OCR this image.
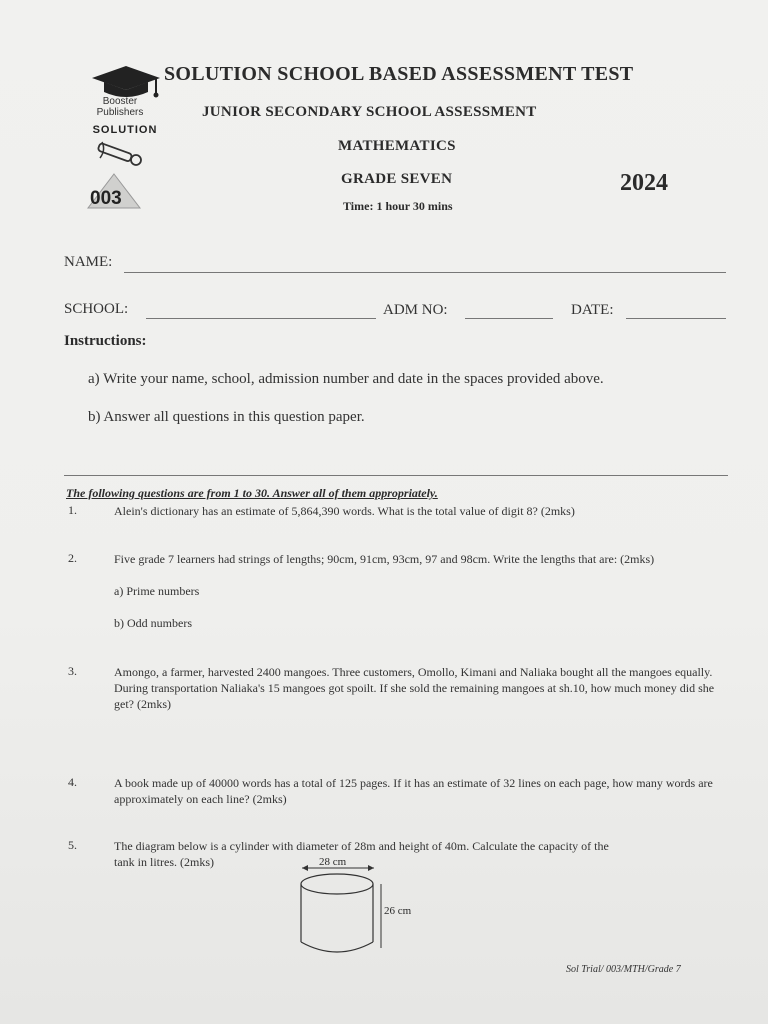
Booster
Publishers
SOLUTION
003
SOLUTION SCHOOL BASED ASSESSMENT TEST
JUNIOR SECONDARY SCHOOL ASSESSMENT
MATHEMATICS
GRADE SEVEN	2024
Time: 1 hour 30 mins
NAME:
SCHOOL:	ADM NO:	DATE:
Instructions:
a) Write your name, school, admission number and date in the spaces provided above.
b) Answer all questions in this question paper.
The following questions are from 1 to 30. Answer all of them appropriately.
1.	Alein's dictionary has an estimate of 5,864,390 words. What is the total value of digit 8? (2mks)
2.	Five grade 7 learners had strings of lengths; 90cm, 91cm, 93cm, 97 and 98cm. Write the lengths that are: (2mks)
a) Prime numbers
b) Odd numbers
3.	Amongo, a farmer, harvested 2400 mangoes. Three customers, Omollo, Kimani and Naliaka bought all the mangoes equally. During transportation Naliaka's 15 mangoes got spoilt. If she sold the remaining mangoes at sh.10, how much money did she get? (2mks)
4.	A book made up of 40000 words has a total of 125 pages. If it has an estimate of 32 lines on each page, how many words are approximately on each line? (2mks)
5.	The diagram below is a cylinder with diameter of 28m and height of 40m. Calculate the capacity of the tank in litres. (2mks)	28 cm
26 cm
Sol Trial/ 003/MTH/Grade 7
